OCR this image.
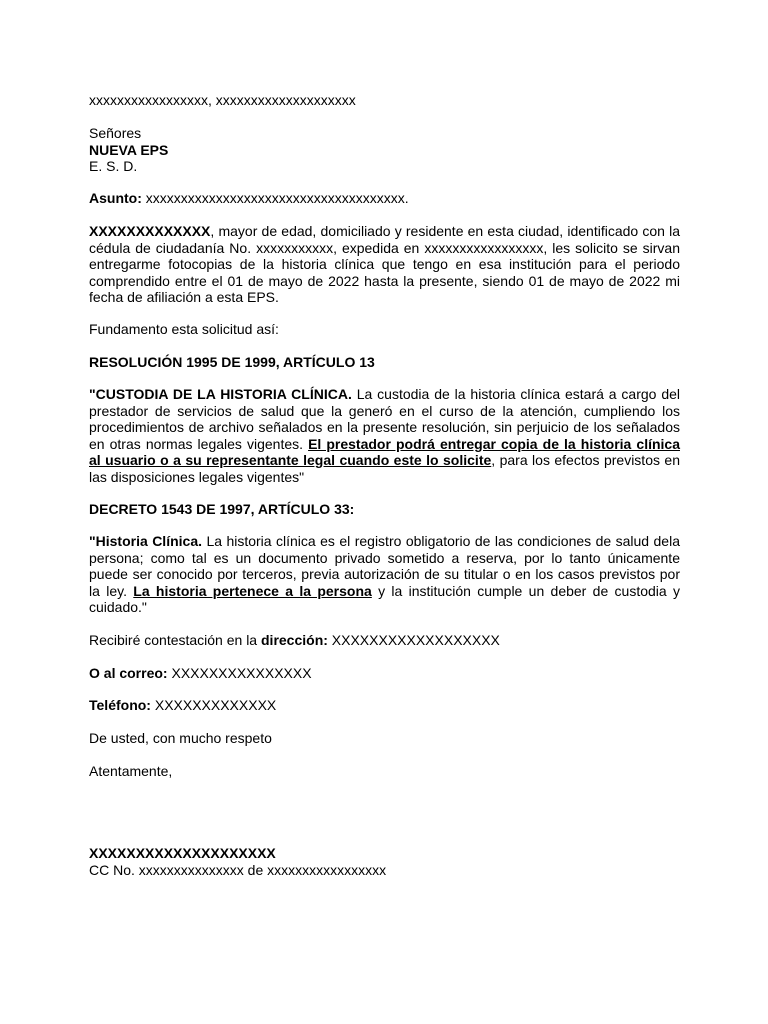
xxxxxxxxxxxxxxxxx, xxxxxxxxxxxxxxxxxxxx

Señores

NUEVA EPS

E. S. D.

Asunto: xxxxxxxxxxxxxxxxxxxxxxxxxxxxxxxxxxxxx.

XXXXXXXXXXXXX, mayor de edad, domiciliado y residente en esta ciudad, identificado con la cédula de ciudadanía No. xxxxxxxxxxx, expedida en xxxxxxxxxxxxxxxxx, les solicito se sirvan entregarme fotocopias de la historia clínica que tengo en esa institución para el periodo comprendido entre el 01 de mayo de 2022 hasta la presente, siendo 01 de mayo de 2022 mi fecha de afiliación a esta EPS.

Fundamento esta solicitud así:

RESOLUCIÓN 1995 DE 1999, ARTÍCULO 13

"CUSTODIA DE LA HISTORIA CLÍNICA. La custodia de la historia clínica estará a cargo del prestador de servicios de salud que la generó en el curso de la atención, cumpliendo los procedimientos de archivo señalados en la presente resolución, sin perjuicio de los señalados en otras normas legales vigentes. El prestador podrá entregar copia de la historia clínica al usuario o a su representante legal cuando este lo solicite, para los efectos previstos en las disposiciones legales vigentes"

DECRETO 1543 DE 1997, ARTÍCULO 33:

"Historia Clínica. La historia clínica es el registro obligatorio de las condiciones de salud dela persona; como tal es un documento privado sometido a reserva, por lo tanto únicamente puede ser conocido por terceros, previa autorización de su titular o en los casos previstos por la ley. La historia pertenece a la persona y la institución cumple un deber de custodia y cuidado."

Recibiré contestación en la dirección: XXXXXXXXXXXXXXXXXX

O al correo: XXXXXXXXXXXXXXX

Teléfono: XXXXXXXXXXXXX

De usted, con mucho respeto

Atentamente,

XXXXXXXXXXXXXXXXXXXX

CC No. xxxxxxxxxxxxxxx de xxxxxxxxxxxxxxxxx
